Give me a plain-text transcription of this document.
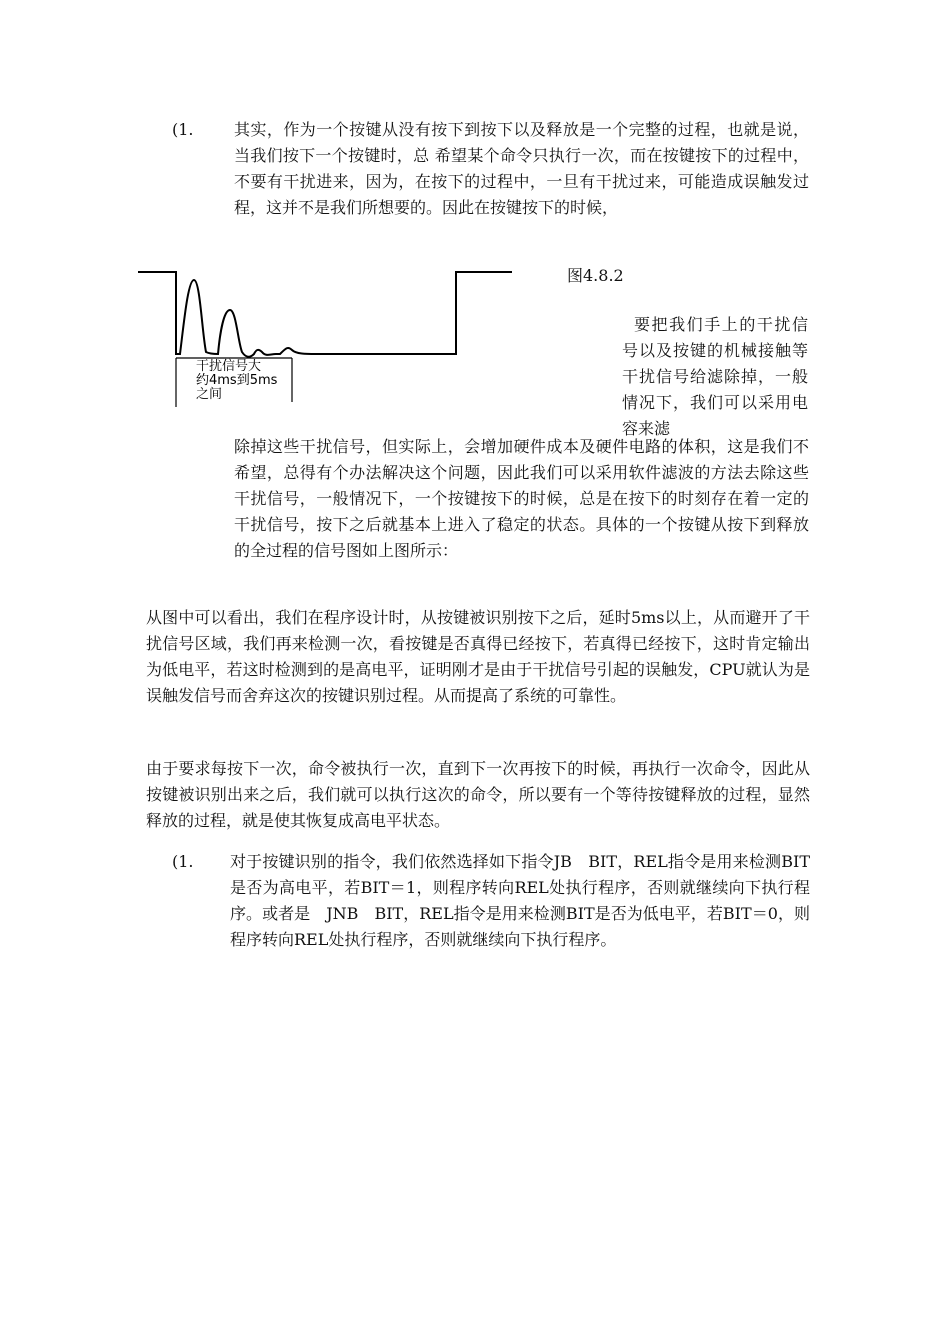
(1.	其实，作为一个按键从没有按下到按下以及释放是一个完整的过程，也就是说，当我们按下一个按键时，总 希望某个命令只执行一次，而在按键按下的过程中，不要有干扰进来，因为，在按下的过程中，一旦有干扰过来，可能造成误触发过程，这并不是我们所想要的。因此在按键按下的时候，

干扰信号大
约4ms到5ms
之间
图4.8.2

要把我们手上的干扰信号以及按键的机械接触等干扰信号给滤除掉，一般情况下，我们可以采用电容来滤

除掉这些干扰信号，但实际上，会增加硬件成本及硬件电路的体积，这是我们不希望，总得有个办法解决这个问题，因此我们可以采用软件滤波的方法去除这些干扰信号，一般情况下，一个按键按下的时候，总是在按下的时刻存在着一定的干扰信号，按下之后就基本上进入了稳定的状态。具体的一个按键从按下到释放的全过程的信号图如上图所示：

从图中可以看出，我们在程序设计时，从按键被识别按下之后，延时5ms以上，从而避开了干扰信号区域，我们再来检测一次，看按键是否真得已经按下，若真得已经按下，这时肯定输出为低电平，若这时检测到的是高电平，证明刚才是由于干扰信号引起的误触发，CPU就认为是误触发信号而舍弃这次的按键识别过程。从而提高了系统的可靠性。

由于要求每按下一次，命令被执行一次，直到下一次再按下的时候，再执行一次命令，因此从按键被识别出来之后，我们就可以执行这次的命令，所以要有一个等待按键释放的过程，显然释放的过程，就是使其恢复成高电平状态。

(1. 对于按键识别的指令，我们依然选择如下指令JB　BIT，REL指令是用来检测BIT是否为高电平，若BIT＝1，则程序转向REL处执行程序，否则就继续向下执行程序。或者是　JNB　BIT，REL指令是用来检测BIT是否为低电平，若BIT＝0，则程序转向REL处执行程序，否则就继续向下执行程序。
